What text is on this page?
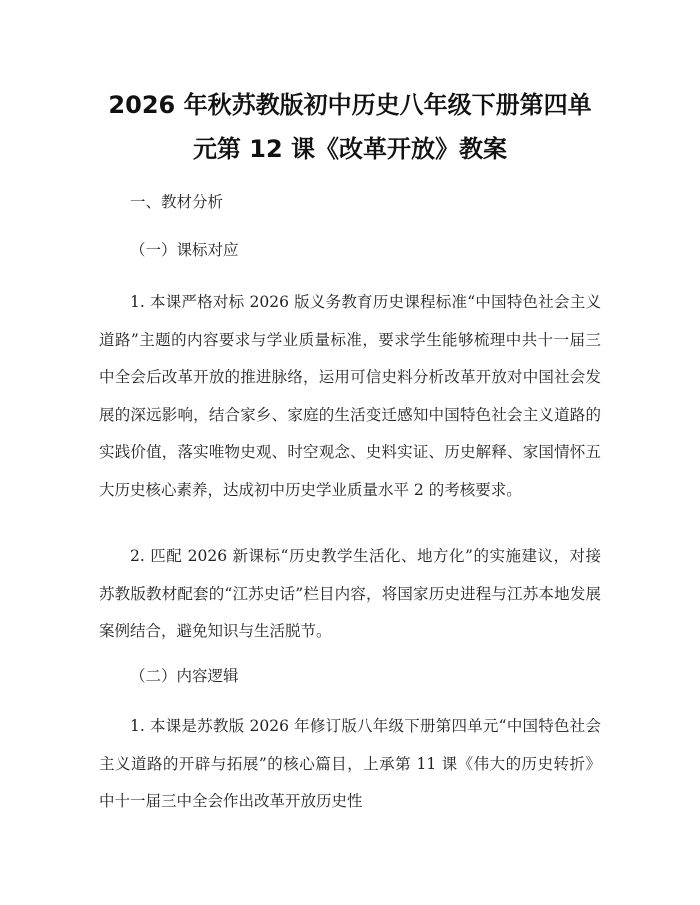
2026 年秋苏教版初中历史八年级下册第四单
元第 12 课《改革开放》教案

一、教材分析

（一）课标对应

1. 本课严格对标 2026 版义务教育历史课程标准“中国特色社会主义道路”主题的内容要求与学业质量标准，要求学生能够梳理中共十一届三中全会后改革开放的推进脉络，运用可信史料分析改革开放对中国社会发展的深远影响，结合家乡、家庭的生活变迁感知中国特色社会主义道路的实践价值，落实唯物史观、时空观念、史料实证、历史解释、家国情怀五大历史核心素养，达成初中历史学业质量水平 2 的考核要求。

2. 匹配 2026 新课标“历史教学生活化、地方化”的实施建议，对接苏教版教材配套的“江苏史话”栏目内容，将国家历史进程与江苏本地发展案例结合，避免知识与生活脱节。

（二）内容逻辑

1. 本课是苏教版 2026 年修订版八年级下册第四单元“中国特色社会主义道路的开辟与拓展”的核心篇目，上承第 11 课《伟大的历史转折》中十一届三中全会作出改革开放历史性
